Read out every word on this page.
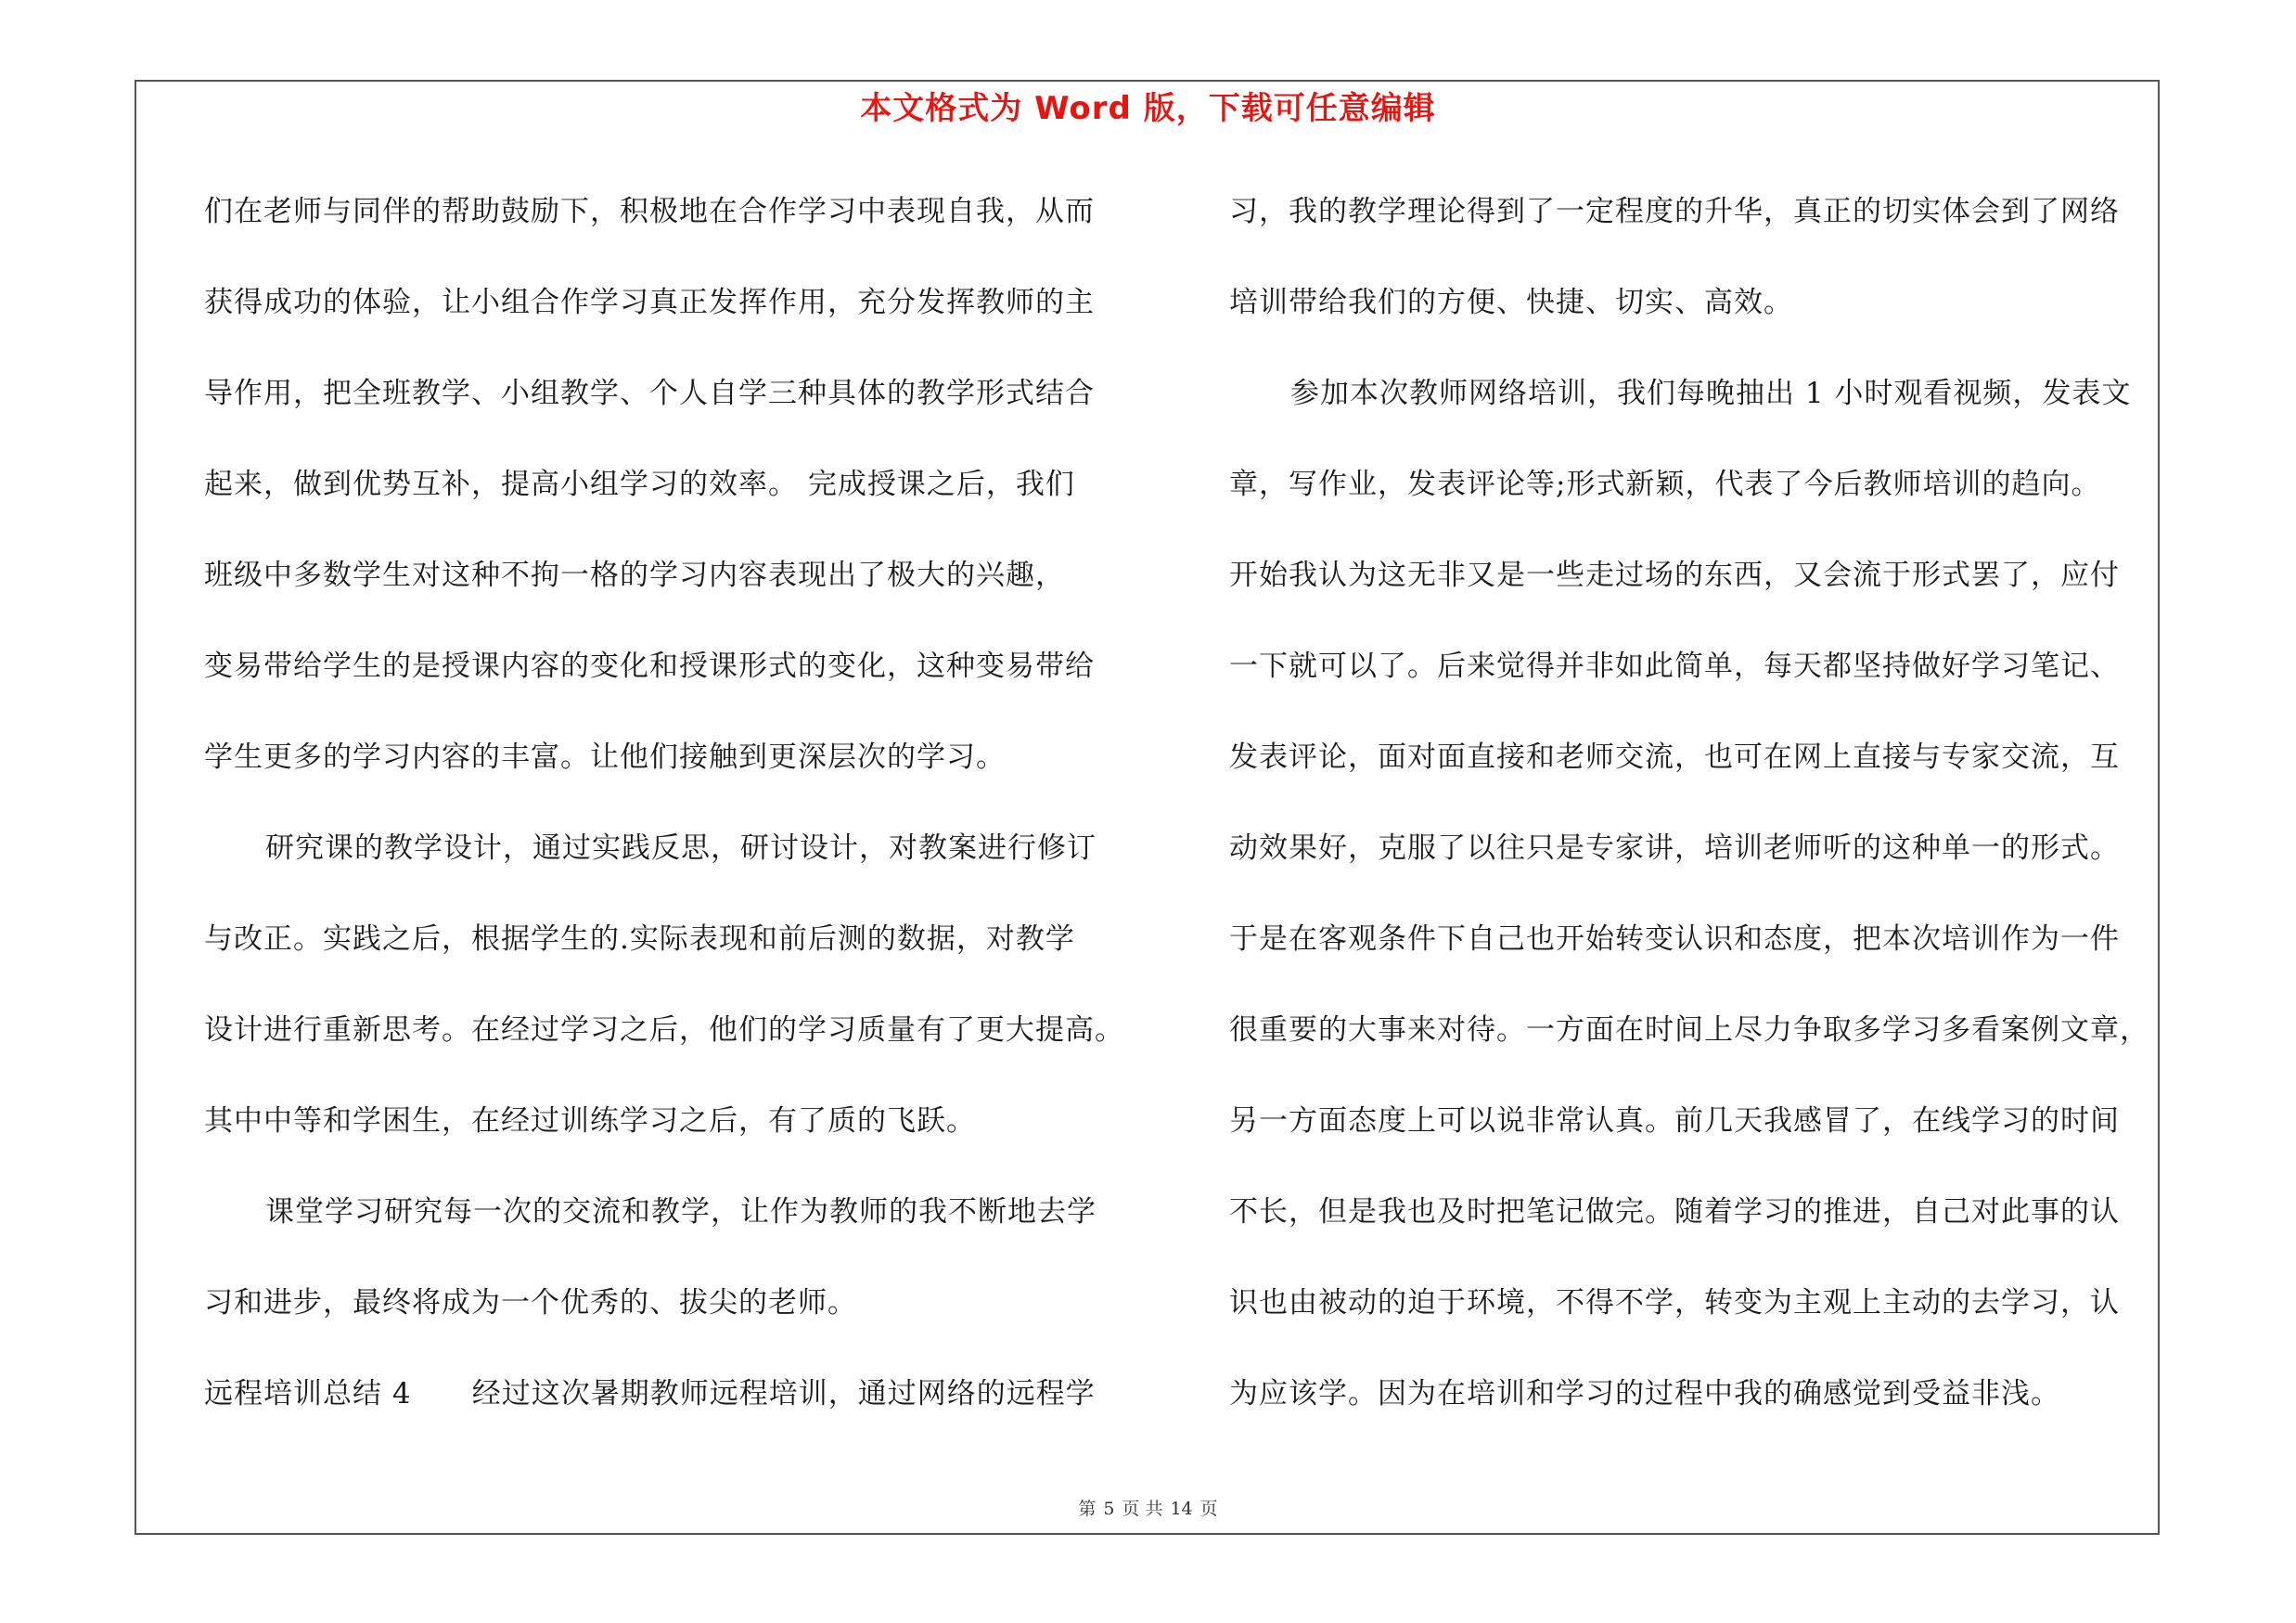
本文格式为 Word 版，下载可任意编辑
们在老师与同伴的帮助鼓励下，积极地在合作学习中表现自我，从而
获得成功的体验，让小组合作学习真正发挥作用，充分发挥教师的主
导作用，把全班教学、小组教学、个人自学三种具体的教学形式结合
起来，做到优势互补，提高小组学习的效率。 完成授课之后，我们
班级中多数学生对这种不拘一格的学习内容表现出了极大的兴趣，
变易带给学生的是授课内容的变化和授课形式的变化，这种变易带给
学生更多的学习内容的丰富。让他们接触到更深层次的学习。
研究课的教学设计，通过实践反思，研讨设计，对教案进行修订
与改正。实践之后，根据学生的.实际表现和前后测的数据，对教学
设计进行重新思考。在经过学习之后，他们的学习质量有了更大提高。
其中中等和学困生，在经过训练学习之后，有了质的飞跃。
课堂学习研究每一次的交流和教学，让作为教师的我不断地去学
习和进步，最终将成为一个优秀的、拔尖的老师。
远程培训总结 4      经过这次暑期教师远程培训，通过网络的远程学
习，我的教学理论得到了一定程度的升华，真正的切实体会到了网络
培训带给我们的方便、快捷、切实、高效。
参加本次教师网络培训，我们每晚抽出 1 小时观看视频，发表文
章，写作业，发表评论等;形式新颖，代表了今后教师培训的趋向。
开始我认为这无非又是一些走过场的东西，又会流于形式罢了，应付
一下就可以了。后来觉得并非如此简单，每天都坚持做好学习笔记、
发表评论，面对面直接和老师交流，也可在网上直接与专家交流，互
动效果好，克服了以往只是专家讲，培训老师听的这种单一的形式。
于是在客观条件下自己也开始转变认识和态度，把本次培训作为一件
很重要的大事来对待。一方面在时间上尽力争取多学习多看案例文章，
另一方面态度上可以说非常认真。前几天我感冒了，在线学习的时间
不长，但是我也及时把笔记做完。随着学习的推进，自己对此事的认
识也由被动的迫于环境，不得不学，转变为主观上主动的去学习，认
为应该学。因为在培训和学习的过程中我的确感觉到受益非浅。
第 5 页 共 14 页
